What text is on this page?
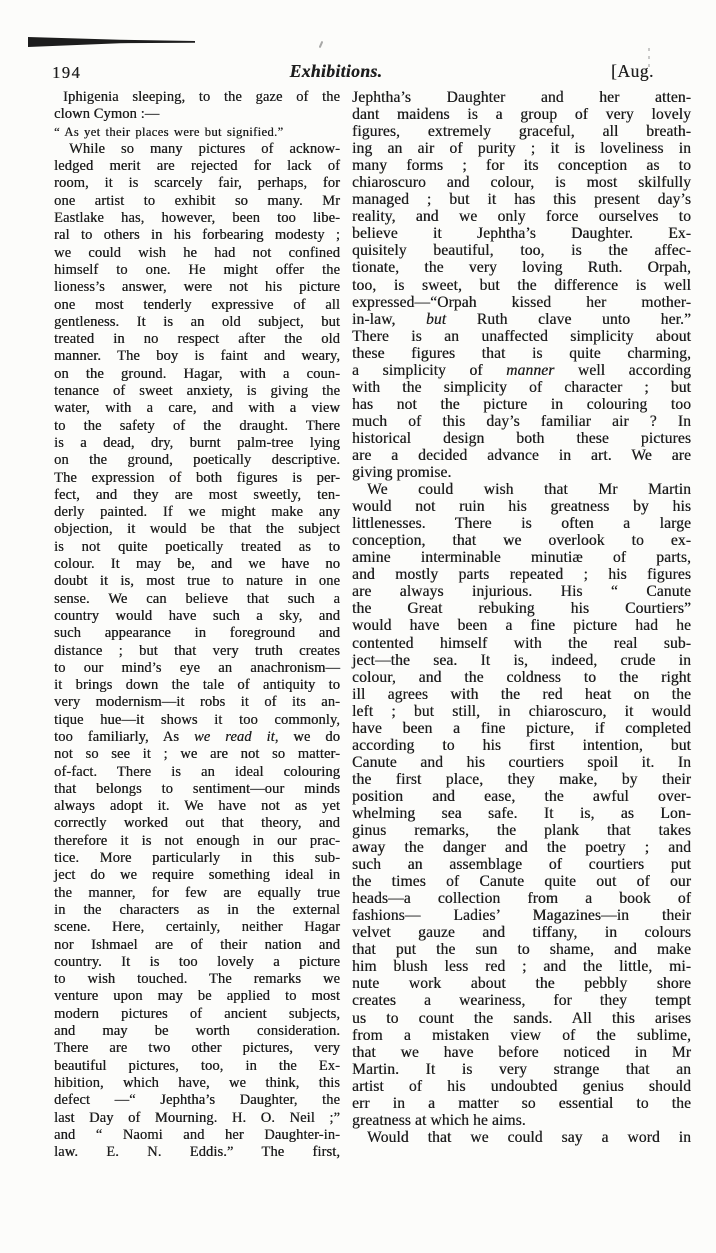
194	Exhibitions.	[Aug.
Iphigenia sleeping, to the gaze of the
clown Cymon :—
“ As yet their places were but signified.”
While so many pictures of acknow-
ledged merit are rejected for lack of
room, it is scarcely fair, perhaps, for
one artist to exhibit so many. Mr
Eastlake has, however, been too libe-
ral to others in his forbearing modesty ;
we could wish he had not confined
himself to one. He might offer the
lioness’s answer, were not his picture
one most tenderly expressive of all
gentleness. It is an old subject, but
treated in no respect after the old
manner. The boy is faint and weary,
on the ground. Hagar, with a coun-
tenance of sweet anxiety, is giving the
water, with a care, and with a view
to the safety of the draught. There
is a dead, dry, burnt palm-tree lying
on the ground, poetically descriptive.
The expression of both figures is per-
fect, and they are most sweetly, ten-
derly painted. If we might make any
objection, it would be that the subject
is not quite poetically treated as to
colour. It may be, and we have no
doubt it is, most true to nature in one
sense. We can believe that such a
country would have such a sky, and
such appearance in foreground and
distance ; but that very truth creates
to our mind’s eye an anachronism—
it brings down the tale of antiquity to
very modernism—it robs it of its an-
tique hue—it shows it too commonly,
too familiarly, As we read it, we do
not so see it ; we are not so matter-
of-fact. There is an ideal colouring
that belongs to sentiment—our minds
always adopt it. We have not as yet
correctly worked out that theory, and
therefore it is not enough in our prac-
tice. More particularly in this sub-
ject do we require something ideal in
the manner, for few are equally true
in the characters as in the external
scene. Here, certainly, neither Hagar
nor Ishmael are of their nation and
country. It is too lovely a picture
to wish touched. The remarks we
venture upon may be applied to most
modern pictures of ancient subjects,
and may be worth consideration.
There are two other pictures, very
beautiful pictures, too, in the Ex-
hibition, which have, we think, this
defect —“ Jephtha’s Daughter, the
last Day of Mourning. H. O. Neil ;”
and “ Naomi and her Daughter-in-
law. E. N. Eddis.” The first,
Jephtha’s Daughter and her atten-
dant maidens is a group of very lovely
figures, extremely graceful, all breath-
ing an air of purity ; it is loveliness in
many forms ; for its conception as to
chiaroscuro and colour, is most skilfully
managed ; but it has this present day’s
reality, and we only force ourselves to
believe it Jephtha’s Daughter. Ex-
quisitely beautiful, too, is the affec-
tionate, the very loving Ruth. Orpah,
too, is sweet, but the difference is well
expressed—“Orpah kissed her mother-
in-law, but Ruth clave unto her.”
There is an unaffected simplicity about
these figures that is quite charming,
a simplicity of manner well according
with the simplicity of character ; but
has not the picture in colouring too
much of this day’s familiar air ? In
historical design both these pictures
are a decided advance in art. We are
giving promise.
We could wish that Mr Martin
would not ruin his greatness by his
littlenesses. There is often a large
conception, that we overlook to ex-
amine interminable minutiæ of parts,
and mostly parts repeated ; his figures
are always injurious. His “ Canute
the Great rebuking his Courtiers”
would have been a fine picture had he
contented himself with the real sub-
ject—the sea. It is, indeed, crude in
colour, and the coldness to the right
ill agrees with the red heat on the
left ; but still, in chiaroscuro, it would
have been a fine picture, if completed
according to his first intention, but
Canute and his courtiers spoil it. In
the first place, they make, by their
position and ease, the awful over-
whelming sea safe. It is, as Lon-
ginus remarks, the plank that takes
away the danger and the poetry ; and
such an assemblage of courtiers put
the times of Canute quite out of our
heads—a collection from a book of
fashions— Ladies’ Magazines—in their
velvet gauze and tiffany, in colours
that put the sun to shame, and make
him blush less red ; and the little, mi-
nute work about the pebbly shore
creates a weariness, for they tempt
us to count the sands. All this arises
from a mistaken view of the sublime,
that we have before noticed in Mr
Martin. It is very strange that an
artist of his undoubted genius should
err in a matter so essential to the
greatness at which he aims.
Would that we could say a word in
